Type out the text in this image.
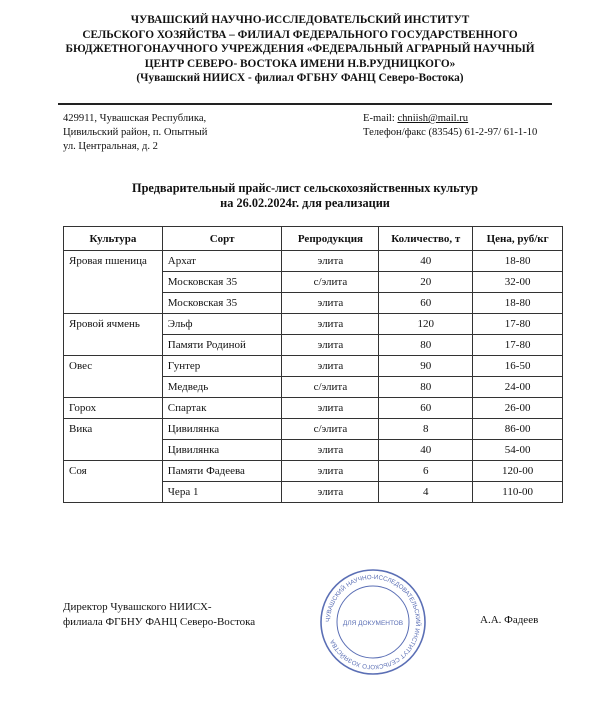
ЧУВАШСКИЙ НАУЧНО-ИССЛЕДОВАТЕЛЬСКИЙ ИНСТИТУТ
СЕЛЬСКОГО ХОЗЯЙСТВА – ФИЛИАЛ ФЕДЕРАЛЬНОГО ГОСУДАРСТВЕННОГО
БЮДЖЕТНОГОНАУЧНОГО УЧРЕЖДЕНИЯ «ФЕДЕРАЛЬНЫЙ АГРАРНЫЙ НАУЧНЫЙ
ЦЕНТР СЕВЕРО- ВОСТОКА ИМЕНИ Н.В.РУДНИЦКОГО»
(Чувашский НИИСХ - филиал ФГБНУ ФАНЦ Северо-Востока)
429911, Чувашская Республика,
Цивильский район, п. Опытный
ул. Центральная, д. 2
E-mail: chniish@mail.ru
Телефон/факс (83545) 61-2-97/ 61-1-10
Предварительный прайс-лист сельскохозяйственных культур
на 26.02.2024г. для реализации
Культура	Сорт	Репродукция	Количество, т	Цена, руб/кг
Яровая пшеница	Архат	элита	40	18-80
	Московская 35	с/элита	20	32-00
	Московская 35	элита	60	18-80
Яровой ячмень	Эльф	элита	120	17-80
	Памяти Родиной	элита	80	17-80
Овес	Гунтер	элита	90	16-50
	Медведь	с/элита	80	24-00
Горох	Спартак	элита	60	26-00
Вика	Цивилянка	с/элита	8	86-00
	Цивилянка	элита	40	54-00
Соя	Памяти Фадеева	элита	6	120-00
	Чера 1	элита	4	110-00
Директор Чувашского НИИСХ-
филиала ФГБНУ ФАНЦ Северо-Востока	А.А. Фадеев
ЧУВАШСКИЙ НАУЧНО-ИССЛЕДОВАТЕЛЬСКИЙ ИНСТИТУТ СЕЛЬСКОГО ХОЗЯЙСТВА
ДЛЯ ДОКУМЕНТОВ
